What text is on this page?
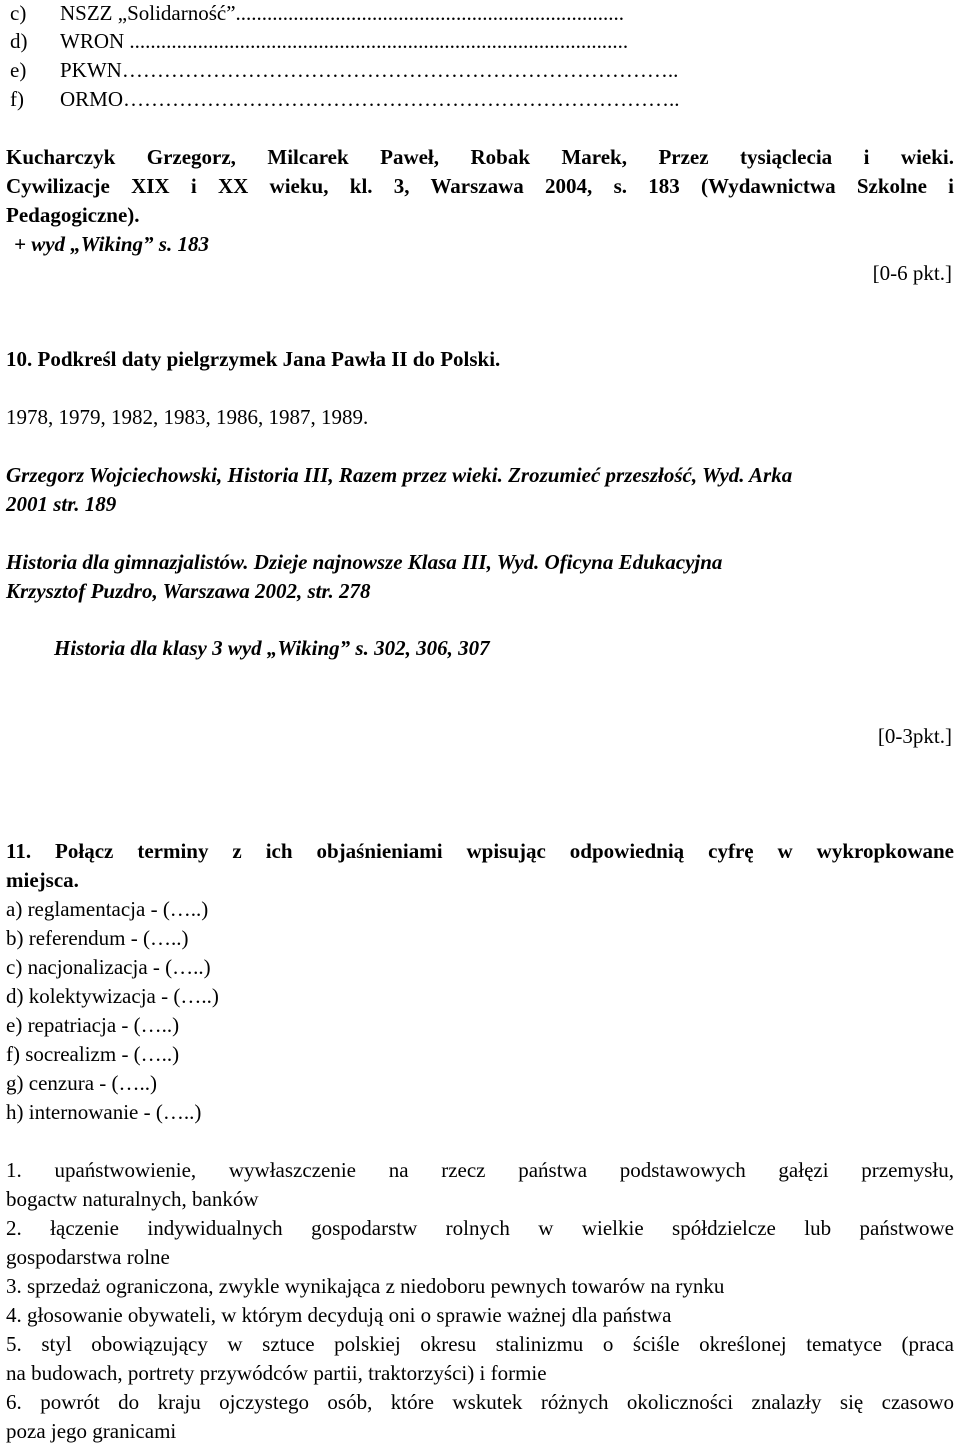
c) NSZZ „Solidarność”..........................................................................
d) WRON ...............................................................................................
e) PKWN……………………………………………………………………..
f) ORMO……………………………………………………………………..
Kucharczyk Grzegorz, Milcarek Paweł, Robak Marek, Przez tysiąclecia i wieki.
Cywilizacje XIX i XX wieku, kl. 3, Warszawa 2004, s. 183 (Wydawnictwa Szkolne i
Pedagogiczne).
+ wyd „Wiking” s. 183
[0-6 pkt.]
10. Podkreśl daty pielgrzymek Jana Pawła II do Polski.
1978, 1979, 1982, 1983, 1986, 1987, 1989.
Grzegorz Wojciechowski, Historia III, Razem przez wieki. Zrozumieć przeszłość, Wyd. Arka
2001 str. 189
Historia dla gimnazjalistów. Dzieje najnowsze Klasa III, Wyd. Oficyna Edukacyjna
Krzysztof Puzdro, Warszawa 2002, str. 278
Historia dla klasy 3 wyd „Wiking” s. 302, 306, 307
[0-3pkt.]
11. Połącz terminy z ich objaśnieniami wpisując odpowiednią cyfrę w wykropkowane
miejsca.
a) reglamentacja - (…..)
b) referendum - (…..)
c) nacjonalizacja - (…..)
d) kolektywizacja - (…..)
e) repatriacja - (…..)
f) socrealizm - (…..)
g) cenzura - (…..)
h) internowanie - (…..)
1. upaństwowienie, wywłaszczenie na rzecz państwa podstawowych gałęzi przemysłu,
bogactw naturalnych, banków
2. łączenie indywidualnych gospodarstw rolnych w wielkie spółdzielcze lub państwowe
gospodarstwa rolne
3. sprzedaż ograniczona, zwykle wynikająca z niedoboru pewnych towarów na rynku
4. głosowanie obywateli, w którym decydują oni o sprawie ważnej dla państwa
5. styl obowiązujący w sztuce polskiej okresu stalinizmu o ściśle określonej tematyce (praca
na budowach, portrety przywódców partii, traktorzyści) i formie
6. powrót do kraju ojczystego osób, które wskutek różnych okoliczności znalazły się czasowo
poza jego granicami
